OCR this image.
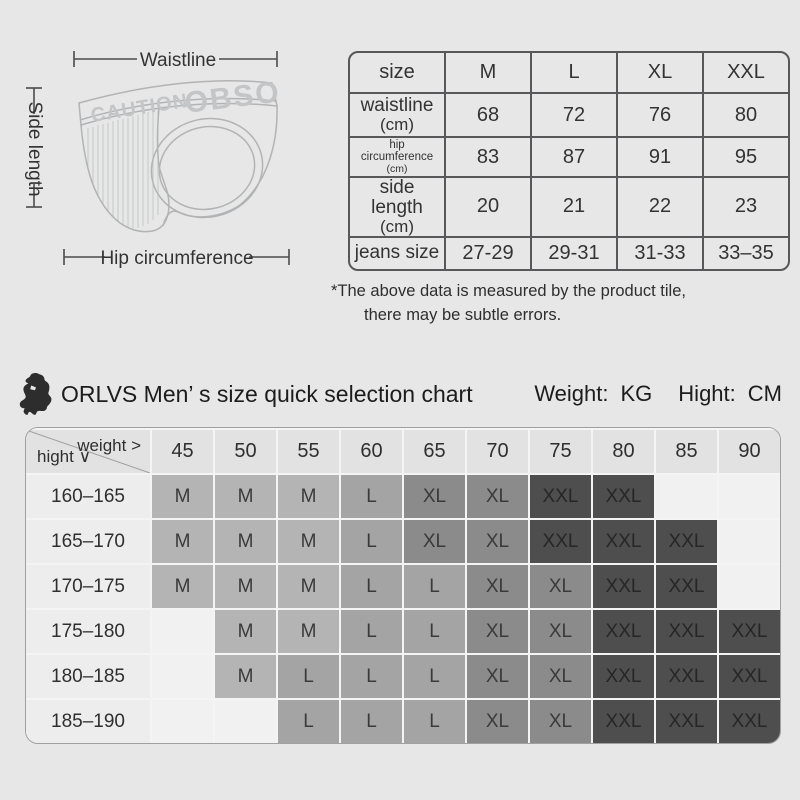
CAUTION
OBSO
Waistline
Side length
Hip circumference
size	M	L	XL	XXL

waistline
(cm)	68	72	76	80

hip circumference
(cm)	83	87	91	95

side length
(cm)	20	21	22	23

jeans size	27-29	29-31	31-33	33–35
*The above data is measured by the product tile,
there may be subtle errors.
ORLVS Men’ s size quick selection chart	Weight: KG Hight: CM
weight >
hight ∨	45	50	55	60	65	70	75	80	85	90
160–165	M	M	M	L	XL	XL	XXL	XXL		
165–170	M	M	M	L	XL	XL	XXL	XXL	XXL	
170–175	M	M	M	L	L	XL	XL	XXL	XXL	
175–180		M	M	L	L	XL	XL	XXL	XXL	XXL
180–185		M	L	L	L	XL	XL	XXL	XXL	XXL
185–190			L	L	L	XL	XL	XXL	XXL	XXL
